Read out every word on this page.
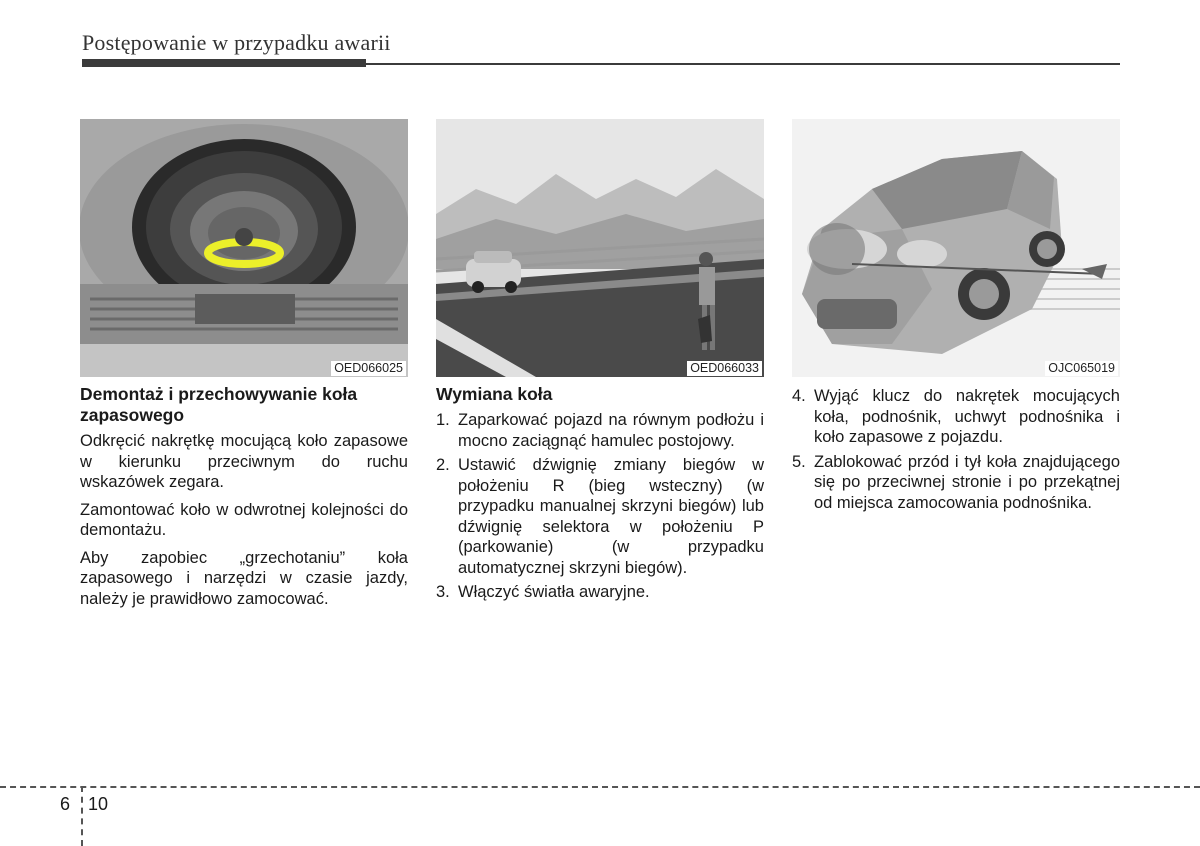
Postępowanie w przypadku awarii
OED066025	OED066033	OJC065019
Demontaż i przechowywanie koła zapasowego

Odkręcić nakrętkę mocującą koło zapasowe w kierunku przeciwnym do ruchu wskazówek zegara.

Zamontować koło w odwrotnej kolejności do demontażu.

Aby zapobiec „grzechotaniu” koła zapasowego i narzędzi w czasie jazdy, należy je prawidłowo zamocować.

Wymiana koła
1. Zaparkować pojazd na równym podłożu i mocno zaciągnąć hamulec postojowy.
2. Ustawić dźwignię zmiany biegów w położeniu R (bieg wsteczny) (w przypadku manualnej skrzyni biegów) lub dźwignię selektora w położeniu P (parkowanie) (w przypadku automatycznej skrzyni biegów).
3. Włączyć światła awaryjne.
4. Wyjąć klucz do nakrętek mocujących koła, podnośnik, uchwyt podnośnika i koło zapasowe z pojazdu.
5. Zablokować przód i tył koła znajdującego się po przeciwnej stronie i po przekątnej od miejsca zamocowania podnośnika.
6 10
